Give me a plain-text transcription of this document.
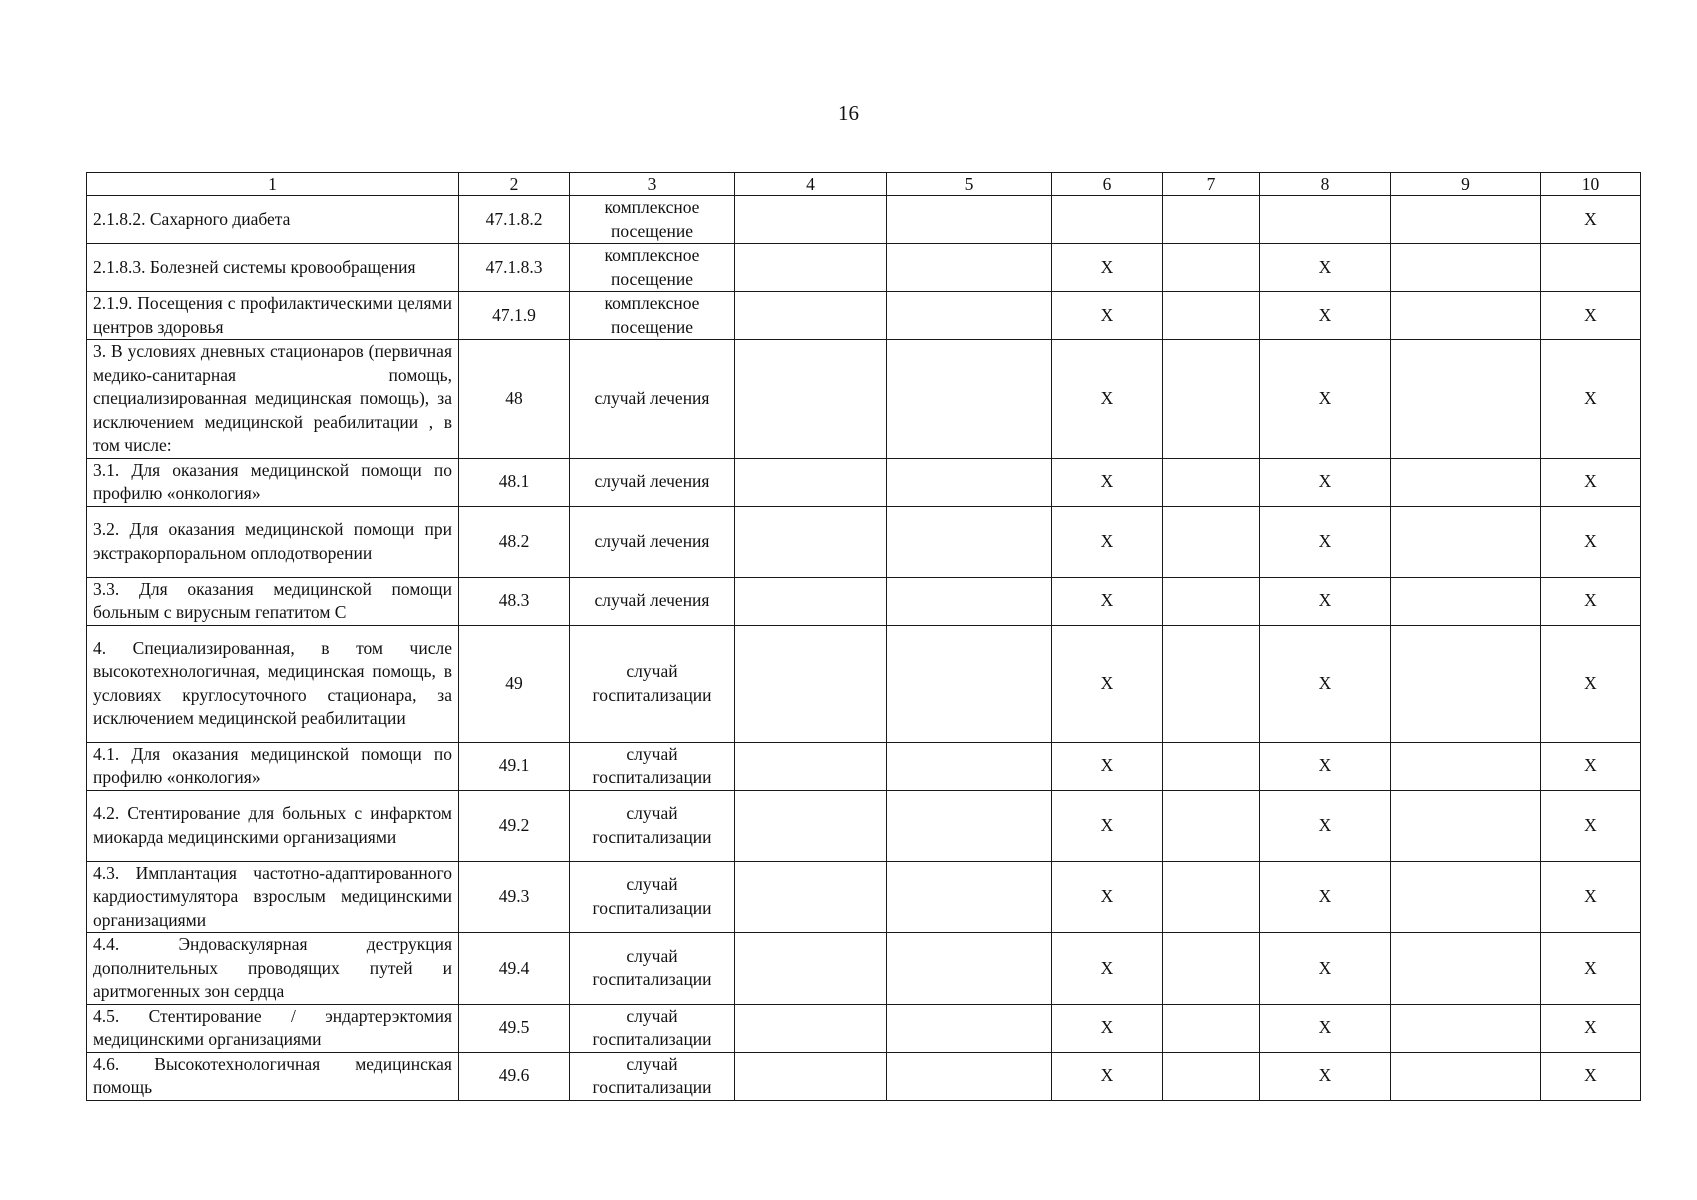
16
1	2	3	4	5	6	7	8	9	10
2.1.8.2. Сахарного диабета	47.1.8.2	комплексное посещение							X
2.1.8.3. Болезней системы кровообращения	47.1.8.3	комплексное посещение			X		X		
2.1.9. Посещения с профилактическими целями центров здоровья	47.1.9	комплексное посещение			X		X		X
3. В условиях дневных стационаров (первичная медико-санитарная помощь, специализированная медицинская помощь), за исключением медицинской реабилитации , в том числе:	48	случай лечения			X		X		X
3.1. Для оказания медицинской помощи по профилю «онкология»	48.1	случай лечения			X		X		X
3.2. Для оказания медицинской помощи при экстракорпоральном оплодотворении	48.2	случай лечения			X		X		X
3.3. Для оказания медицинской помощи больным с вирусным гепатитом С	48.3	случай лечения			X		X		X
4. Специализированная, в том числе высокотехнологичная, медицинская помощь, в условиях круглосуточного стационара, за исключением медицинской реабилитации	49	случай госпитализации			X		X		X
4.1. Для оказания медицинской помощи по профилю «онкология»	49.1	случай госпитализации			X		X		X
4.2. Стентирование для больных с инфарктом миокарда медицинскими организациями	49.2	случай госпитализации			X		X		X
4.3. Имплантация частотно-адаптированного кардиостимулятора взрослым медицинскими организациями	49.3	случай госпитализации			X		X		X
4.4. Эндоваскулярная деструкция дополнительных проводящих путей и аритмогенных зон сердца	49.4	случай госпитализации			X		X		X
4.5. Стентирование / эндартерэктомия медицинскими организациями	49.5	случай госпитализации			X		X		X
4.6. Высокотехнологичная медицинская помощь	49.6	случай госпитализации			X		X		X
